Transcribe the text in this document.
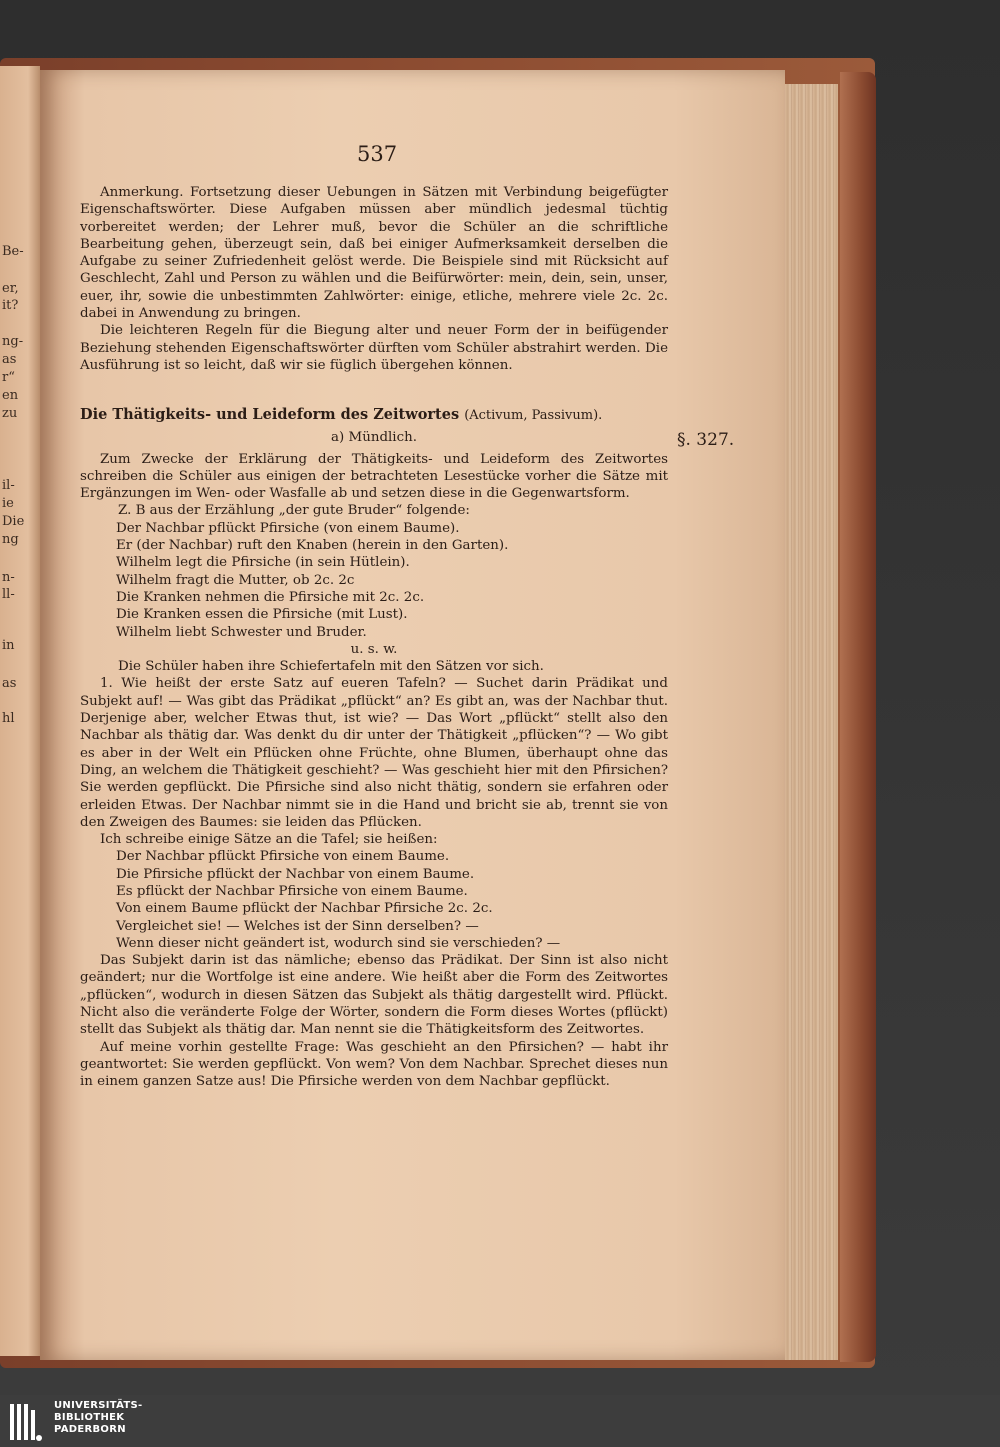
Be-
er,
it?
ng-
as
r“
en
zu
il-
ie
Die
ng
n-
ll-
in
as
hl
537

Anmerkung. Fortsetzung dieser Uebungen in Sätzen mit Verbindung beigefügter Eigenschaftswörter. Diese Aufgaben müssen aber mündlich jedesmal tüchtig vorbereitet werden; der Lehrer muß, bevor die Schüler an die schriftliche Bearbeitung gehen, überzeugt sein, daß bei einiger Aufmerksamkeit derselben die Aufgabe zu seiner Zufriedenheit gelöst werde. Die Beispiele sind mit Rücksicht auf Geschlecht, Zahl und Person zu wählen und die Beifürwörter: mein, dein, sein, unser, euer, ihr, sowie die unbestimmten Zahlwörter: einige, etliche, mehrere viele 2c. 2c. dabei in Anwendung zu bringen.

Die leichteren Regeln für die Biegung alter und neuer Form der in beifügender Beziehung stehenden Eigenschaftswörter dürften vom Schüler abstrahirt werden. Die Ausführung ist so leicht, daß wir sie füglich übergehen können.

Die Thätigkeits- und Leideform des Zeitwortes (Activum, Passivum).
a) Mündlich.

Zum Zwecke der Erklärung der Thätigkeits- und Leideform des Zeitwortes schreiben die Schüler aus einigen der betrachteten Lesestücke vorher die Sätze mit Ergänzungen im Wen- oder Wasfalle ab und setzen diese in die Gegenwartsform.

Z. B aus der Erzählung „der gute Bruder“ folgende:
Der Nachbar pflückt Pfirsiche (von einem Baume).
Er (der Nachbar) ruft den Knaben (herein in den Garten).
Wilhelm legt die Pfirsiche (in sein Hütlein).
Wilhelm fragt die Mutter, ob 2c. 2c
Die Kranken nehmen die Pfirsiche mit 2c. 2c.
Die Kranken essen die Pfirsiche (mit Lust).
Wilhelm liebt Schwester und Bruder.
u. s. w.
Die Schüler haben ihre Schiefertafeln mit den Sätzen vor sich.

1. Wie heißt der erste Satz auf eueren Tafeln? — Suchet darin Prädikat und Subjekt auf! — Was gibt das Prädikat „pflückt“ an? Es gibt an, was der Nachbar thut. Derjenige aber, welcher Etwas thut, ist wie? — Das Wort „pflückt“ stellt also den Nachbar als thätig dar. Was denkt du dir unter der Thätigkeit „pflücken“? — Wo gibt es aber in der Welt ein Pflücken ohne Früchte, ohne Blumen, überhaupt ohne das Ding, an welchem die Thätigkeit geschieht? — Was geschieht hier mit den Pfirsichen? Sie werden gepflückt. Die Pfirsiche sind also nicht thätig, sondern sie erfahren oder erleiden Etwas. Der Nachbar nimmt sie in die Hand und bricht sie ab, trennt sie von den Zweigen des Baumes: sie leiden das Pflücken.

Ich schreibe einige Sätze an die Tafel; sie heißen:
Der Nachbar pflückt Pfirsiche von einem Baume.
Die Pfirsiche pflückt der Nachbar von einem Baume.
Es pflückt der Nachbar Pfirsiche von einem Baume.
Von einem Baume pflückt der Nachbar Pfirsiche 2c. 2c.
Vergleichet sie! — Welches ist der Sinn derselben? —
Wenn dieser nicht geändert ist, wodurch sind sie verschieden? —

Das Subjekt darin ist das nämliche; ebenso das Prädikat. Der Sinn ist also nicht geändert; nur die Wortfolge ist eine andere. Wie heißt aber die Form des Zeitwortes „pflücken“, wodurch in diesen Sätzen das Subjekt als thätig dargestellt wird. Pflückt. Nicht also die veränderte Folge der Wörter, sondern die Form dieses Wortes (pflückt) stellt das Subjekt als thätig dar. Man nennt sie die Thätigkeitsform des Zeitwortes.

Auf meine vorhin gestellte Frage: Was geschieht an den Pfirsichen? — habt ihr geantwortet: Sie werden gepflückt. Von wem? Von dem Nachbar. Sprechet dieses nun in einem ganzen Satze aus! Die Pfirsiche werden von dem Nachbar gepflückt.

§. 327.
UNIVERSITÄTS-
BIBLIOTHEK
PADERBORN
